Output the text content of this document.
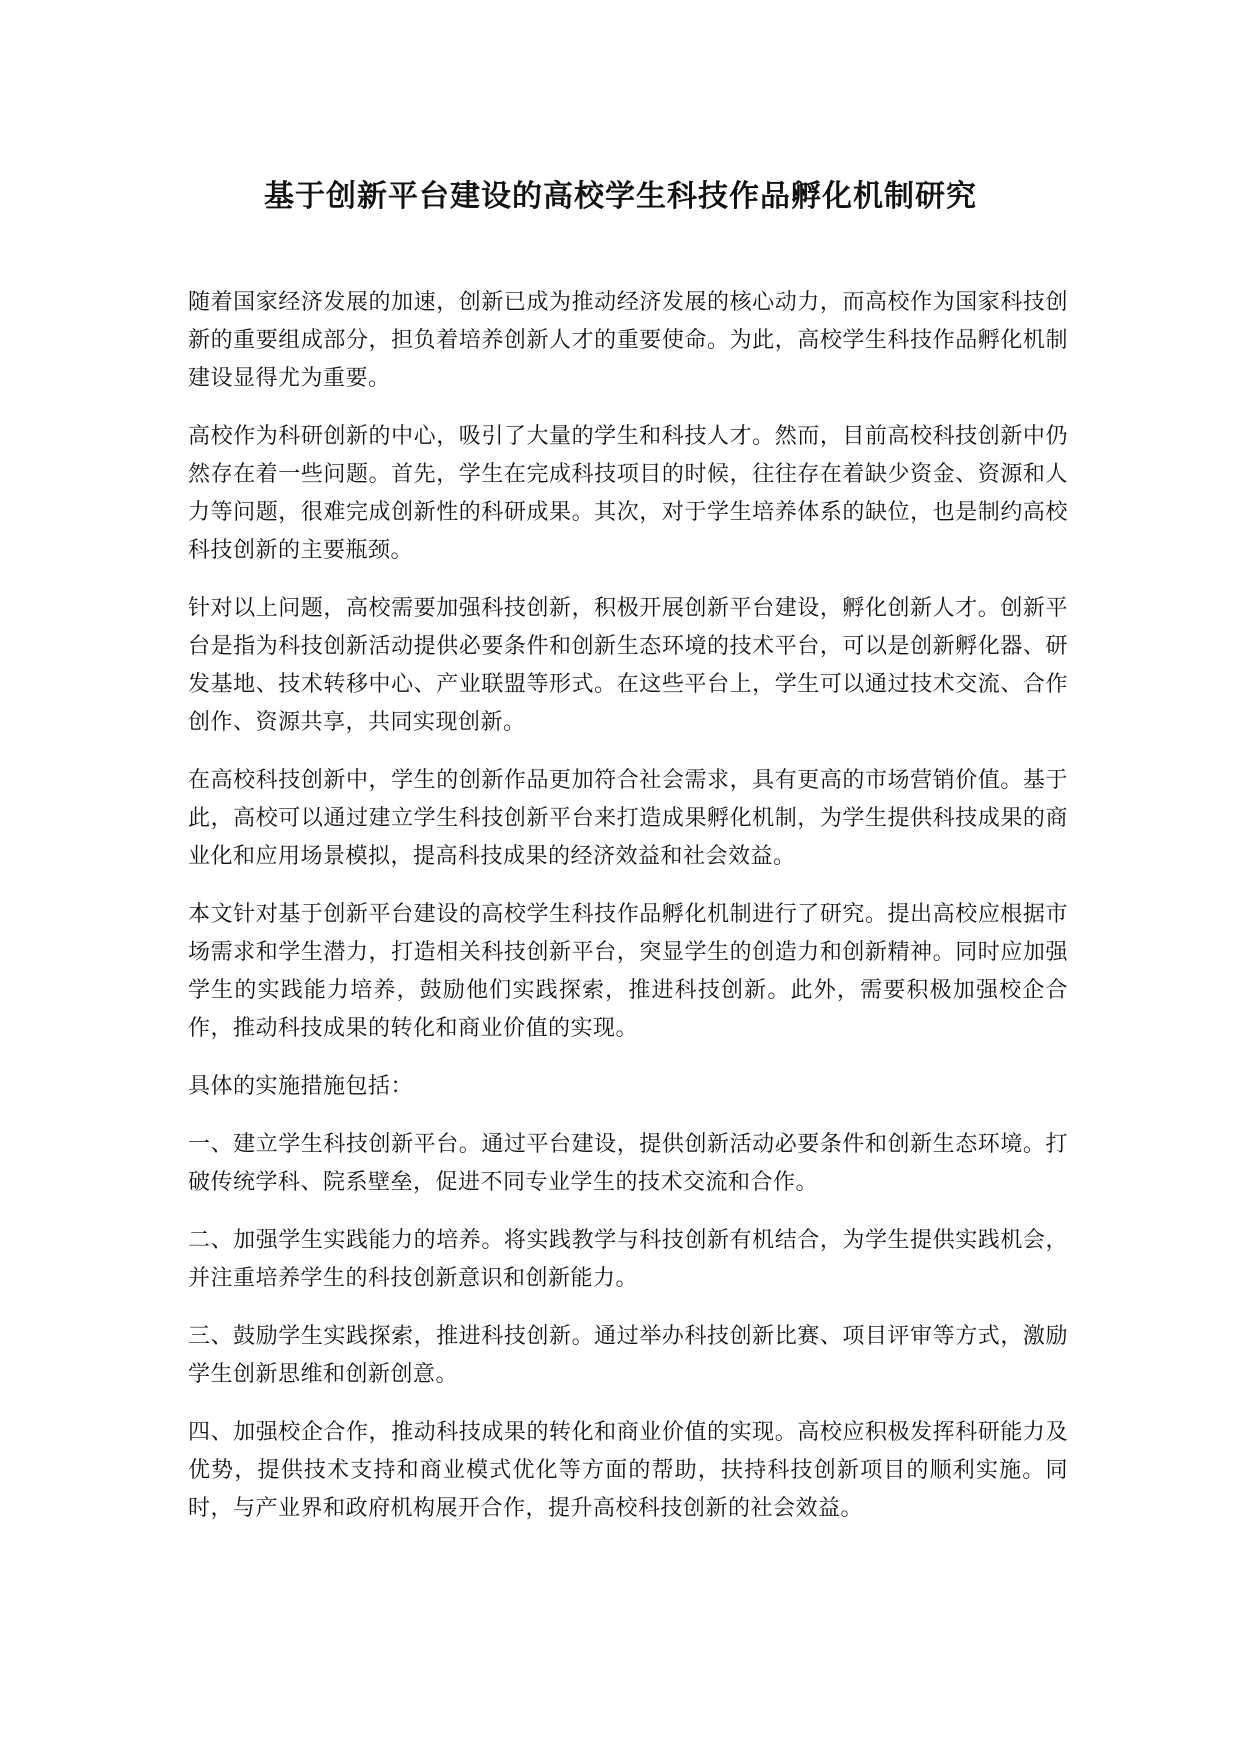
基于创新平台建设的高校学生科技作品孵化机制研究

随着国家经济发展的加速，创新已成为推动经济发展的核心动力，而高校作为国家科技创新的重要组成部分，担负着培养创新人才的重要使命。为此，高校学生科技作品孵化机制建设显得尤为重要。

高校作为科研创新的中心，吸引了大量的学生和科技人才。然而，目前高校科技创新中仍然存在着一些问题。首先，学生在完成科技项目的时候，往往存在着缺少资金、资源和人力等问题，很难完成创新性的科研成果。其次，对于学生培养体系的缺位，也是制约高校科技创新的主要瓶颈。

针对以上问题，高校需要加强科技创新，积极开展创新平台建设，孵化创新人才。创新平台是指为科技创新活动提供必要条件和创新生态环境的技术平台，可以是创新孵化器、研发基地、技术转移中心、产业联盟等形式。在这些平台上，学生可以通过技术交流、合作创作、资源共享，共同实现创新。

在高校科技创新中，学生的创新作品更加符合社会需求，具有更高的市场营销价值。基于此，高校可以通过建立学生科技创新平台来打造成果孵化机制，为学生提供科技成果的商业化和应用场景模拟，提高科技成果的经济效益和社会效益。

本文针对基于创新平台建设的高校学生科技作品孵化机制进行了研究。提出高校应根据市场需求和学生潜力，打造相关科技创新平台，突显学生的创造力和创新精神。同时应加强学生的实践能力培养，鼓励他们实践探索，推进科技创新。此外，需要积极加强校企合作，推动科技成果的转化和商业价值的实现。

具体的实施措施包括：

一、建立学生科技创新平台。通过平台建设，提供创新活动必要条件和创新生态环境。打破传统学科、院系壁垒，促进不同专业学生的技术交流和合作。

二、加强学生实践能力的培养。将实践教学与科技创新有机结合，为学生提供实践机会，并注重培养学生的科技创新意识和创新能力。

三、鼓励学生实践探索，推进科技创新。通过举办科技创新比赛、项目评审等方式，激励学生创新思维和创新创意。

四、加强校企合作，推动科技成果的转化和商业价值的实现。高校应积极发挥科研能力及优势，提供技术支持和商业模式优化等方面的帮助，扶持科技创新项目的顺利实施。同时，与产业界和政府机构展开合作，提升高校科技创新的社会效益。
